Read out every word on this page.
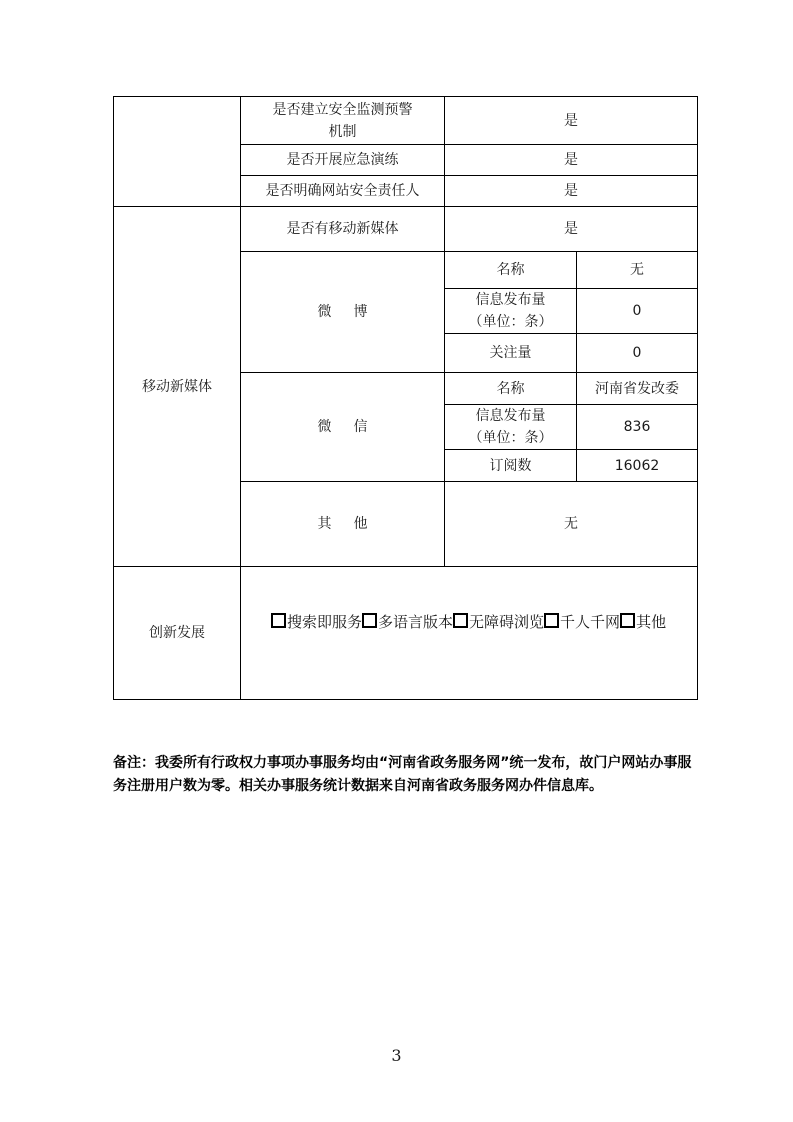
	是否建立安全监测预警
机制	是	
	是否开展应急演练	是	
	是否明确网站安全责任人	是	
移动新媒体	是否有移动新媒体	是	
	微 博	名称	无
		信息发布量
（单位：条）	0
		关注量	0
	微 信	名称	河南省发改委
		信息发布量
（单位：条）	836
		订阅数	16062
	其 他	无	
创新发展	搜索即服务 多语言版本 无障碍浏览 千人千网 其他		
备注：我委所有行政权力事项办事服务均由“河南省政务服务网”统一发布，故门户网站办事服务注册用户数为零。相关办事服务统计数据来自河南省政务服务网办件信息库。
3
